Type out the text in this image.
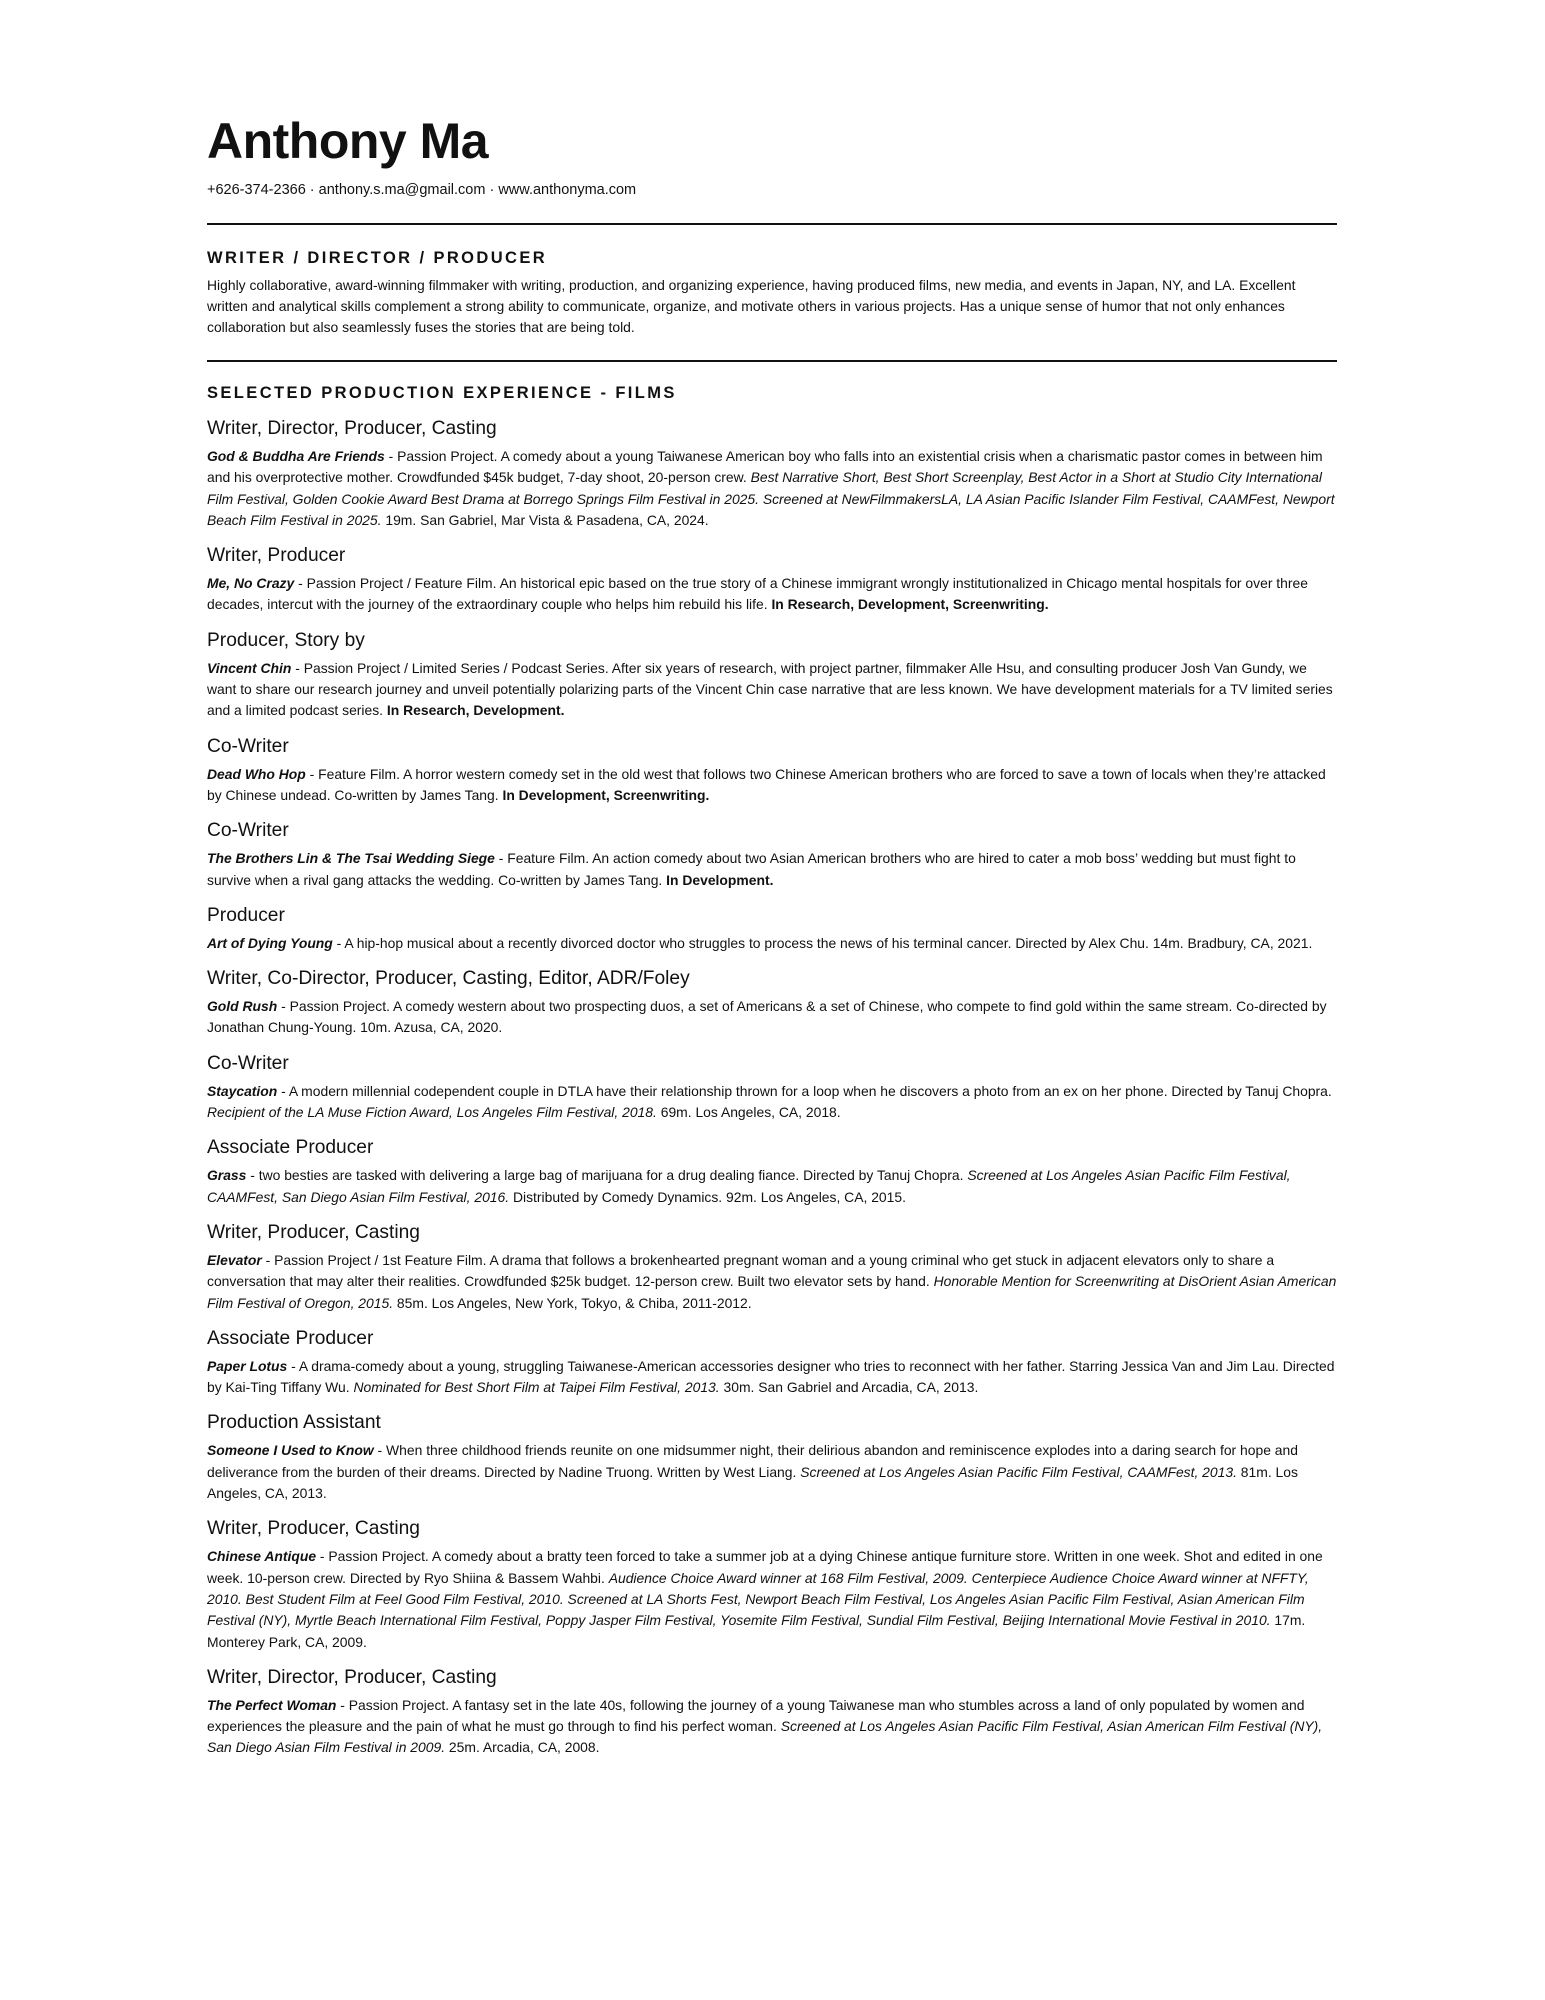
Anthony Ma
+626-374-2366 · anthony.s.ma@gmail.com · www.anthonyma.com
WRITER / DIRECTOR / PRODUCER

Highly collaborative, award-winning filmmaker with writing, production, and organizing experience, having produced films, new media, and events in Japan, NY, and LA. Excellent written and analytical skills complement a strong ability to communicate, organize, and motivate others in various projects. Has a unique sense of humor that not only enhances collaboration but also seamlessly fuses the stories that are being told.

SELECTED PRODUCTION EXPERIENCE - FILMS
Writer, Director, Producer, Casting

God & Buddha Are Friends - Passion Project. A comedy about a young Taiwanese American boy who falls into an existential crisis when a charismatic pastor comes in between him and his overprotective mother. Crowdfunded $45k budget, 7-day shoot, 20-person crew. Best Narrative Short, Best Short Screenplay, Best Actor in a Short at Studio City International Film Festival, Golden Cookie Award Best Drama at Borrego Springs Film Festival in 2025. Screened at NewFilmmakersLA, LA Asian Pacific Islander Film Festival, CAAMFest, Newport Beach Film Festival in 2025. 19m. San Gabriel, Mar Vista & Pasadena, CA, 2024.

Writer, Producer

Me, No Crazy - Passion Project / Feature Film. An historical epic based on the true story of a Chinese immigrant wrongly institutionalized in Chicago mental hospitals for over three decades, intercut with the journey of the extraordinary couple who helps him rebuild his life. In Research, Development, Screenwriting.

Producer, Story by

Vincent Chin - Passion Project / Limited Series / Podcast Series. After six years of research, with project partner, filmmaker Alle Hsu, and consulting producer Josh Van Gundy, we want to share our research journey and unveil potentially polarizing parts of the Vincent Chin case narrative that are less known. We have development materials for a TV limited series and a limited podcast series. In Research, Development.

Co-Writer

Dead Who Hop - Feature Film. A horror western comedy set in the old west that follows two Chinese American brothers who are forced to save a town of locals when they’re attacked by Chinese undead. Co-written by James Tang. In Development, Screenwriting.

Co-Writer

The Brothers Lin & The Tsai Wedding Siege - Feature Film. An action comedy about two Asian American brothers who are hired to cater a mob boss’ wedding but must fight to survive when a rival gang attacks the wedding. Co-written by James Tang. In Development.

Producer

Art of Dying Young - A hip-hop musical about a recently divorced doctor who struggles to process the news of his terminal cancer. Directed by Alex Chu. 14m. Bradbury, CA, 2021.

Writer, Co-Director, Producer, Casting, Editor, ADR/Foley

Gold Rush - Passion Project. A comedy western about two prospecting duos, a set of Americans & a set of Chinese, who compete to find gold within the same stream. Co-directed by Jonathan Chung-Young. 10m. Azusa, CA, 2020.

Co-Writer

Staycation - A modern millennial codependent couple in DTLA have their relationship thrown for a loop when he discovers a photo from an ex on her phone. Directed by Tanuj Chopra. Recipient of the LA Muse Fiction Award, Los Angeles Film Festival, 2018. 69m. Los Angeles, CA, 2018.

Associate Producer

Grass - two besties are tasked with delivering a large bag of marijuana for a drug dealing fiance. Directed by Tanuj Chopra. Screened at Los Angeles Asian Pacific Film Festival, CAAMFest, San Diego Asian Film Festival, 2016. Distributed by Comedy Dynamics. 92m. Los Angeles, CA, 2015.

Writer, Producer, Casting

Elevator - Passion Project / 1st Feature Film. A drama that follows a brokenhearted pregnant woman and a young criminal who get stuck in adjacent elevators only to share a conversation that may alter their realities. Crowdfunded $25k budget. 12-person crew. Built two elevator sets by hand. Honorable Mention for Screenwriting at DisOrient Asian American Film Festival of Oregon, 2015. 85m. Los Angeles, New York, Tokyo, & Chiba, 2011-2012.

Associate Producer

Paper Lotus - A drama-comedy about a young, struggling Taiwanese-American accessories designer who tries to reconnect with her father. Starring Jessica Van and Jim Lau. Directed by Kai-Ting Tiffany Wu. Nominated for Best Short Film at Taipei Film Festival, 2013. 30m. San Gabriel and Arcadia, CA, 2013.

Production Assistant

Someone I Used to Know - When three childhood friends reunite on one midsummer night, their delirious abandon and reminiscence explodes into a daring search for hope and deliverance from the burden of their dreams. Directed by Nadine Truong. Written by West Liang. Screened at Los Angeles Asian Pacific Film Festival, CAAMFest, 2013. 81m. Los Angeles, CA, 2013.

Writer, Producer, Casting

Chinese Antique - Passion Project. A comedy about a bratty teen forced to take a summer job at a dying Chinese antique furniture store. Written in one week. Shot and edited in one week. 10-person crew. Directed by Ryo Shiina & Bassem Wahbi. Audience Choice Award winner at 168 Film Festival, 2009. Centerpiece Audience Choice Award winner at NFFTY, 2010. Best Student Film at Feel Good Film Festival, 2010. Screened at LA Shorts Fest, Newport Beach Film Festival, Los Angeles Asian Pacific Film Festival, Asian American Film Festival (NY), Myrtle Beach International Film Festival, Poppy Jasper Film Festival, Yosemite Film Festival, Sundial Film Festival, Beijing International Movie Festival in 2010. 17m. Monterey Park, CA, 2009.

Writer, Director, Producer, Casting

The Perfect Woman - Passion Project. A fantasy set in the late 40s, following the journey of a young Taiwanese man who stumbles across a land of only populated by women and experiences the pleasure and the pain of what he must go through to find his perfect woman. Screened at Los Angeles Asian Pacific Film Festival, Asian American Film Festival (NY), San Diego Asian Film Festival in 2009. 25m. Arcadia, CA, 2008.
